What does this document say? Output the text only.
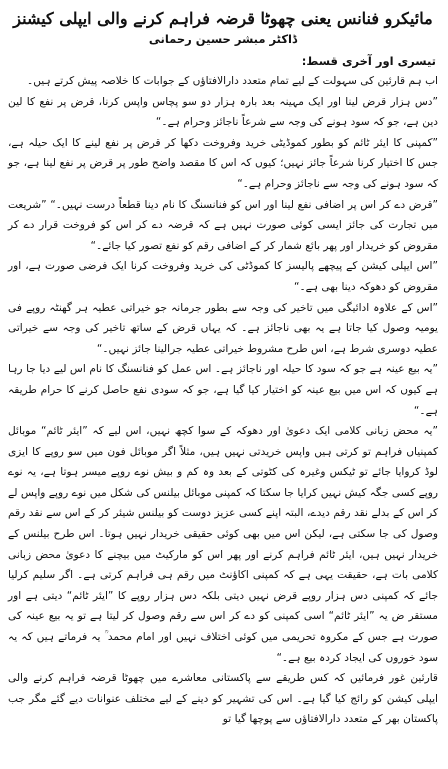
مائیکرو فنانس یعنی چھوٹا قرضہ فراہم کرنے والی ایپلی کیشنز
ڈاکٹر مبشر حسین رحمانی
تیسری اور آخری قسط:

اب ہم قارئین کی سہولت کے لیے تمام متعدد دارالافتاؤں کے جوابات کا خلاصہ پیش کرتے ہیں۔

”دس ہزار قرض لینا اور ایک مہینہ بعد بارہ ہزار دو سو پچاس واپس کرنا، قرض پر نفع کا لین دین ہے، جو کہ سود ہونے کی وجہ سے شرعاً ناجائز وحرام ہے۔“

”کمپنی کا ایئر ٹائم کو بطور کموڈیٹی خرید وفروخت دکھا کر قرض پر نفع لینے کا ایک حیلہ ہے، جس کا اختیار کرنا شرعاً جائز نہیں؛ کیوں کہ اس کا مقصد واضح طور پر قرض پر نفع لینا ہے، جو کہ سود ہونے کی وجہ سے ناجائز وحرام ہے۔“

”قرض دے کر اس پر اضافی نفع لینا اور اس کو فنانسنگ کا نام دینا قطعاً درست نہیں۔“ ”شریعت میں تجارت کی جائز ایسی کوئی صورت نہیں ہے کہ قرضہ دے کر اس کو فروخت قرار دے کر مقروض کو خریدار اور پھر بائع شمار کر کے اضافی رقم کو نفع تصور کیا جائے۔“

”اس ایپلی کیشن کے پیچھے پالیسز کا کموڈٹی کی خرید وفروخت کرنا ایک فرضی صورت ہے، اور مقروض کو دھوکہ دینا بھی ہے۔“

”اس کے علاوہ ادائیگی میں تاخیر کی وجہ سے بطور جرمانہ جو خیراتی عطیہ ہر گھنٹہ روپے فی یومیہ وصول کیا جاتا ہے یہ بھی ناجائز ہے۔ کہ یہاں قرض کے ساتھ تاخیر کی وجہ سے خیراتی عطیہ دوسری شرط ہے، اس طرح مشروط خیراتی عطیہ جرالینا جائز نہیں۔“

”یہ بیع عینہ ہے جو کہ سود کا حیلہ اور ناجائز ہے۔ اس عمل کو فنانسنگ کا نام اس لیے دیا جا رہا ہے کیوں کہ اس میں بیع عینہ کو اختیار کیا گیا ہے، جو کہ سودی نفع حاصل کرنے کا حرام طریقہ ہے۔“

”یہ محض زبانی کلامی ایک دعویٰ اور دھوکہ کے سوا کچھ نہیں، اس لیے کہ ”ایئر ٹائم“ موبائل کمپنیاں فراہم تو کرتی ہیں واپس خریدتی نہیں ہیں، مثلاً اگر موبائل فون میں سو روپے کا ایزی لوڈ کروایا جائے تو ٹیکس وغیرہ کی کٹوتی کے بعد وہ کم و بیش نوے روپے میسر ہوتا ہے، یہ نوے روپے کسی جگہ کیش نہیں کرایا جا سکتا کہ کمپنی موبائل بیلنس کی شکل میں نوے روپے واپس لے کر اس کے بدلے نقد رقم دیدے، البتہ اپنے کسی عزیز دوست کو بیلنس شیئر کر کے اس سے نقد رقم وصول کی جا سکتی ہے، لیکن اس میں بھی کوئی حقیقی خریدار نہیں ہوتا۔ اس طرح بیلنس کے خریدار نہیں ہیں، ایئر ٹائم فراہم کرنے اور پھر اس کو مارکیٹ میں بیچنے کا دعویٰ محض زبانی کلامی بات ہے، حقیقت یہی ہے کہ کمپنی اکاؤنٹ میں رقم ہی فراہم کرتی ہے۔ اگر سلیم کرلیا جائے کہ کمپنی دس ہزار روپے قرض نہیں دیتی بلکہ دس ہزار روپے کا ”ایئر ٹائم“ دیتی ہے اور مستقر ض یہ ”ایئر ٹائم“ اسی کمپنی کو دے کر اس سے رقم وصول کر لیتا ہے تو یہ بیع عینہ کی صورت ہے جس کے مکروہ تحریمی میں کوئی اختلاف نہیں اور امام محمد ؒ یہ فرماتے ہیں کہ یہ سود خوروں کی ایجاد کردہ بیع ہے۔“

قارئین غور فرمائیں کہ کس طریقے سے پاکستانی معاشرے میں چھوٹا قرضہ فراہم کرنے والی ایپلی کیشن کو رائج کیا گیا ہے۔ اس کی تشہیر کو دینے کے لیے مختلف عنوانات دیے گئے مگر جب پاکستان بھر کے متعدد دارالافتاؤں سے پوچھا گیا تو
